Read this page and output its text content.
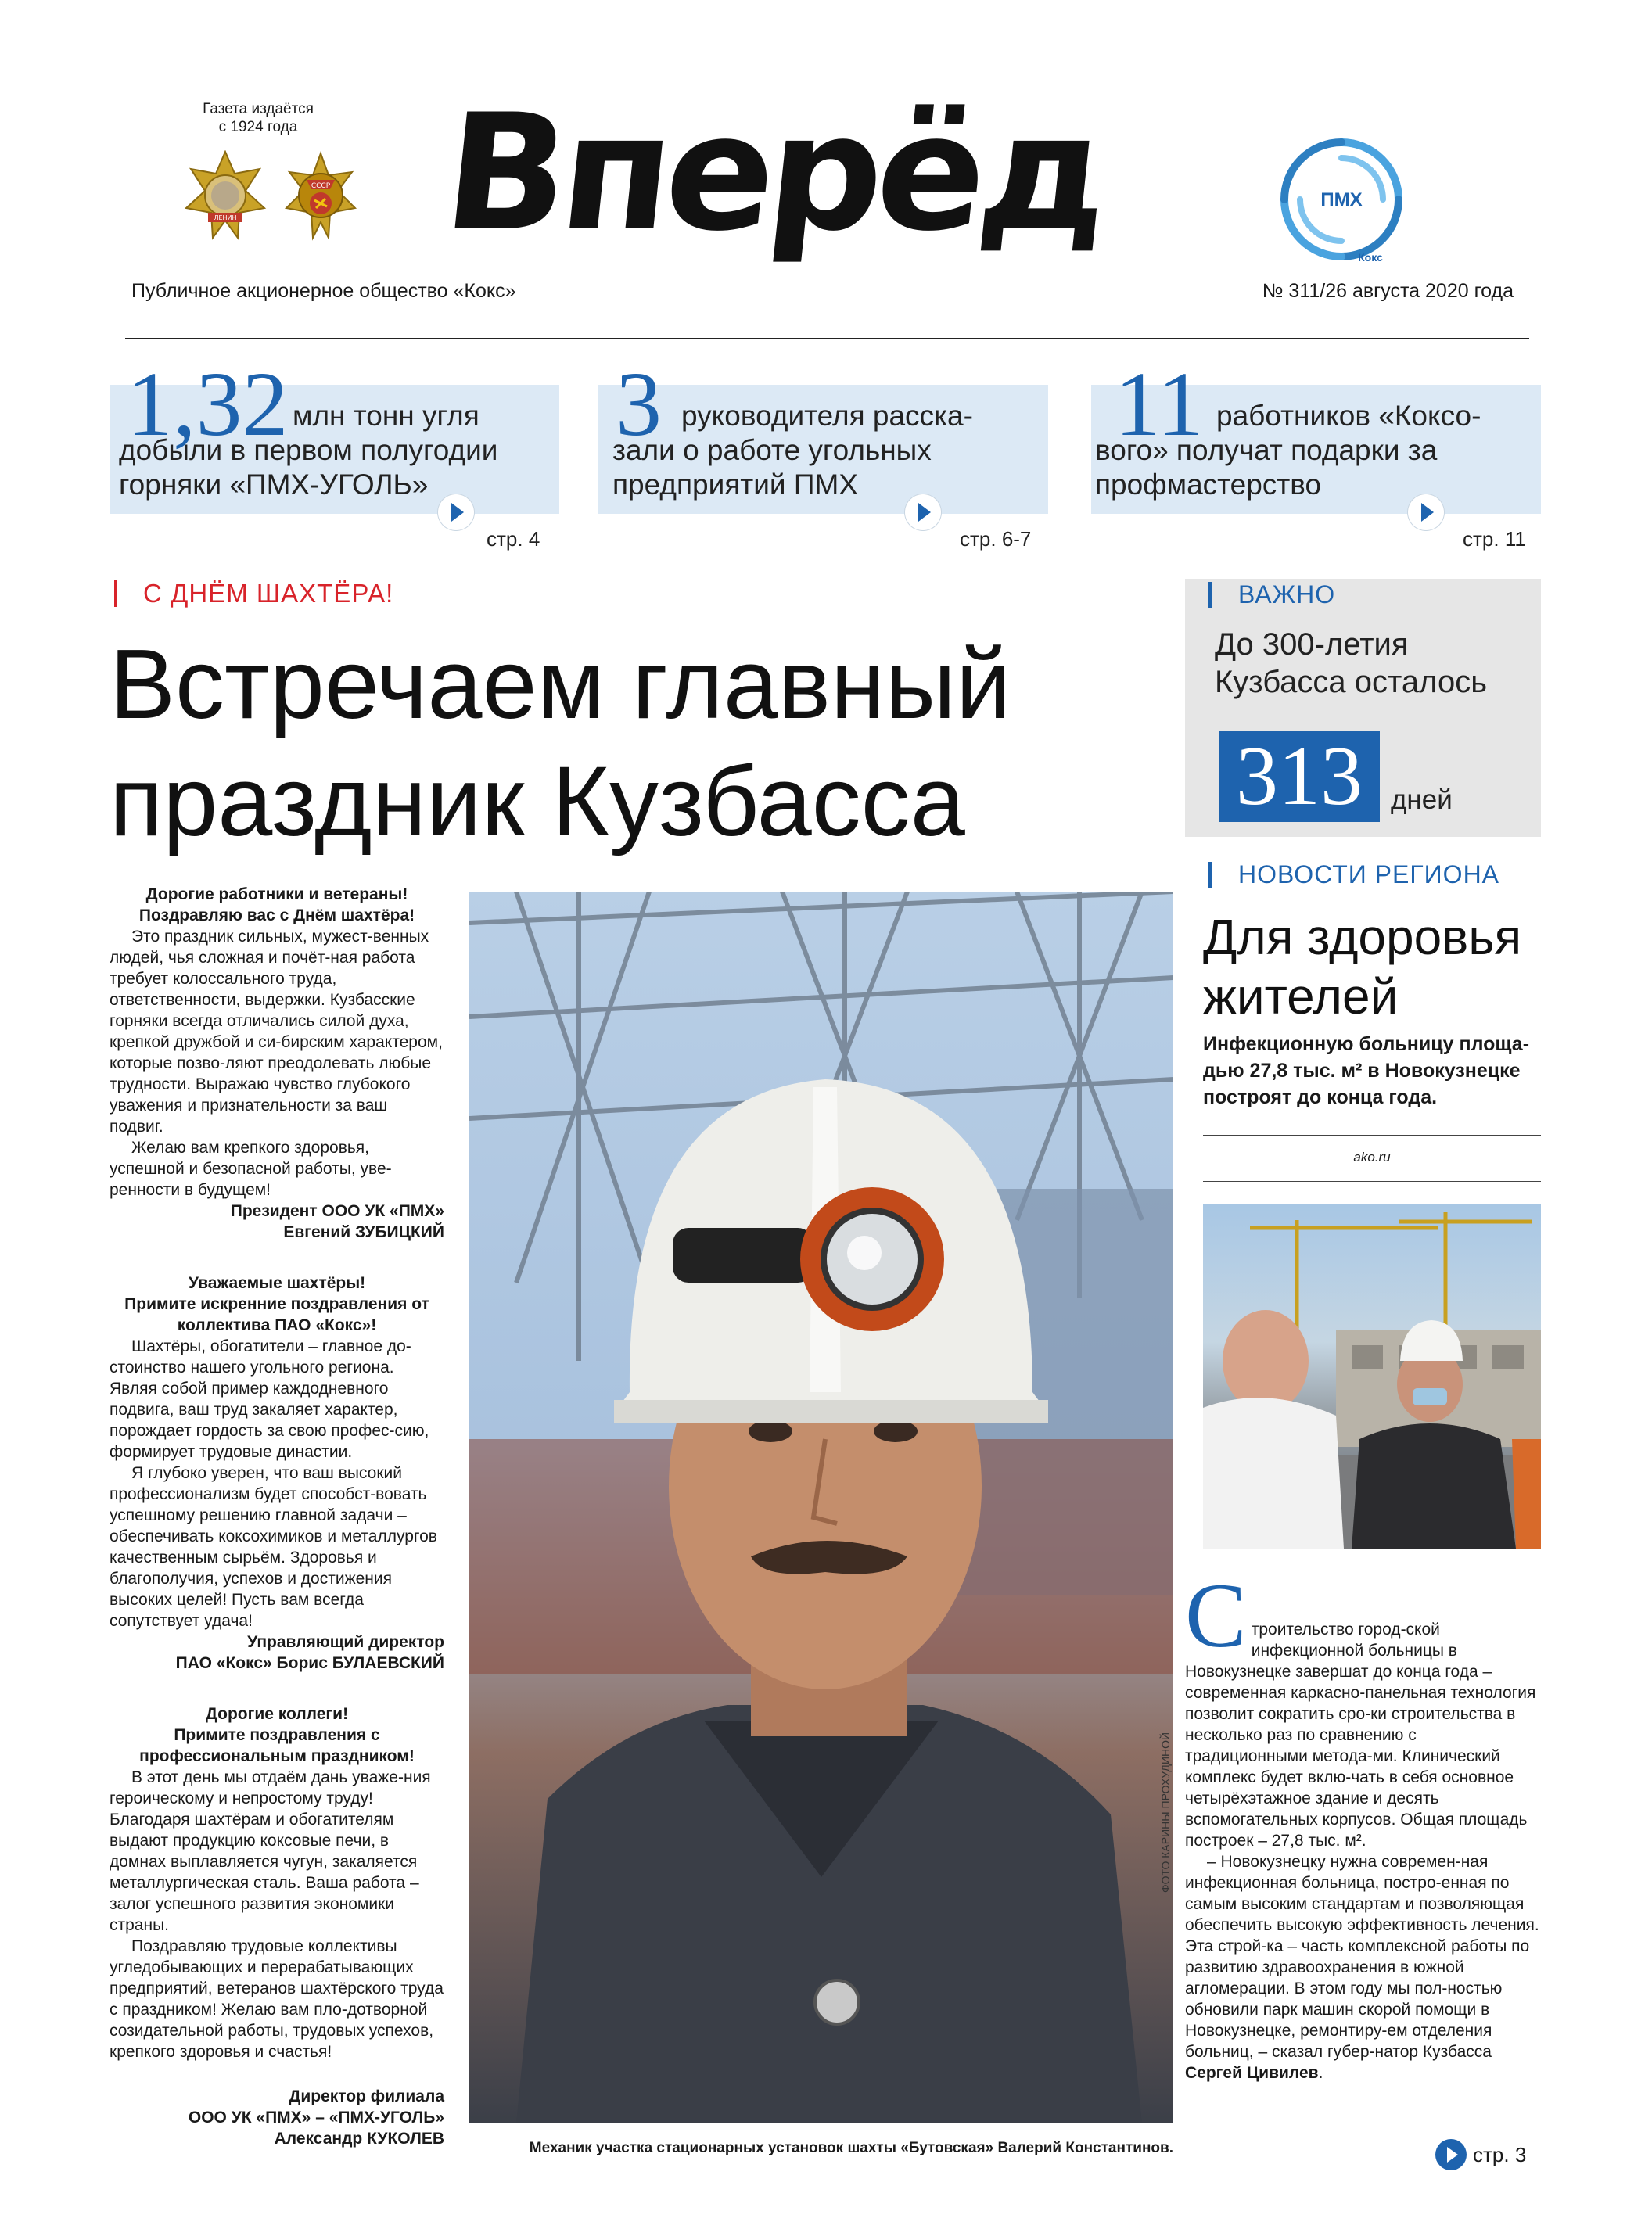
Газета издаётся
с 1924 года
ЛЕНИН
СССР Вперёд	ПМХ
Кокс
Публичное акционерное общество «Кокс»	№ 311/26 августа 2020 года
1,32 млн тонн угля добыли в первом полугодии горняки «ПМХ-УГОЛЬ»
стр. 4
3 руководителя расска-зали о работе угольных предприятий ПМХ
стр. 6-7
11 работников «Коксо-вого» получат подарки за профмастерство
стр. 11
С ДНЁМ ШАХТЁРА!
Встречаем главный праздник Кузбасса

Дорогие работники и ветераны!

Поздравляю вас с Днём шахтёра!

Это праздник сильных, мужест-венных людей, чья сложная и почёт-ная работа требует колоссального труда, ответственности, выдержки. Кузбасские горняки всегда отличались силой духа, крепкой дружбой и си-бирским характером, которые позво-ляют преодолевать любые трудности. Выражаю чувство глубокого уважения и признательности за ваш подвиг.

Желаю вам крепкого здоровья, успешной и безопасной работы, уве-ренности в будущем!

Президент ООО УК «ПМХ»

Евгений ЗУБИЦКИЙ

Уважаемые шахтёры!

Примите искренние поздравления от коллектива ПАО «Кокс»!

Шахтёры, обогатители – главное до-стоинство нашего угольного региона. Являя собой пример каждодневного подвига, ваш труд закаляет характер, порождает гордость за свою профес-сию, формирует трудовые династии.

Я глубоко уверен, что ваш высокий профессионализм будет способст-вовать успешному решению главной задачи – обеспечивать коксохимиков и металлургов качественным сырьём. Здоровья и благополучия, успехов и достижения высоких целей! Пусть вам всегда сопутствует удача!

Управляющий директор

ПАО «Кокс» Борис БУЛАЕВСКИЙ

Дорогие коллеги!

Примите поздравления с профессиональным праздником!

В этот день мы отдаём дань уваже-ния героическому и непростому труду! Благодаря шахтёрам и обогатителям выдают продукцию коксовые печи, в домнах выплавляется чугун, закаляется металлургическая сталь. Ваша работа – залог успешного развития экономики страны.

Поздравляю трудовые коллективы угледобывающих и перерабатывающих предприятий, ветеранов шахтёрского труда с праздником! Желаю вам пло-дотворной созидательной работы, трудовых успехов, крепкого здоровья и счастья!

Директор филиала

ООО УК «ПМХ» – «ПМХ-УГОЛЬ»

Александр КУКОЛЕВ

ФОТО КАРИНЫ ПРОХУДИНОЙ
Механик участка стационарных установок шахты «Бутовская» Валерий Константинов.
ВАЖНО
До 300-летия Кузбасса осталось
313	дней
НОВОСТИ РЕГИОНА
Для здоровья жителей
Инфекционную больницу площа-дью 27,8 тыс. м² в Новокузнецке построят до конца года.
ako.ru
С троительство город-ской инфекционной больницы в Новокузнецке завершат до конца года – современная каркасно-панельная технология позволит сократить сро-ки строительства в несколько раз по сравнению с традиционными метода-ми. Клинический комплекс будет вклю-чать в себя основное четырёхэтажное здание и десять вспомогательных корпусов. Общая площадь построек – 27,8 тыс. м².

– Новокузнецку нужна современ-ная инфекционная больница, постро-енная по самым высоким стандартам и позволяющая обеспечить высокую эффективность лечения. Эта строй-ка – часть комплексной работы по развитию здравоохранения в южной агломерации. В этом году мы пол-ностью обновили парк машин скорой помощи в Новокузнецке, ремонтиру-ем отделения больниц, – сказал губер-натор Кузбасса Сергей Цивилев.

стр. 3
